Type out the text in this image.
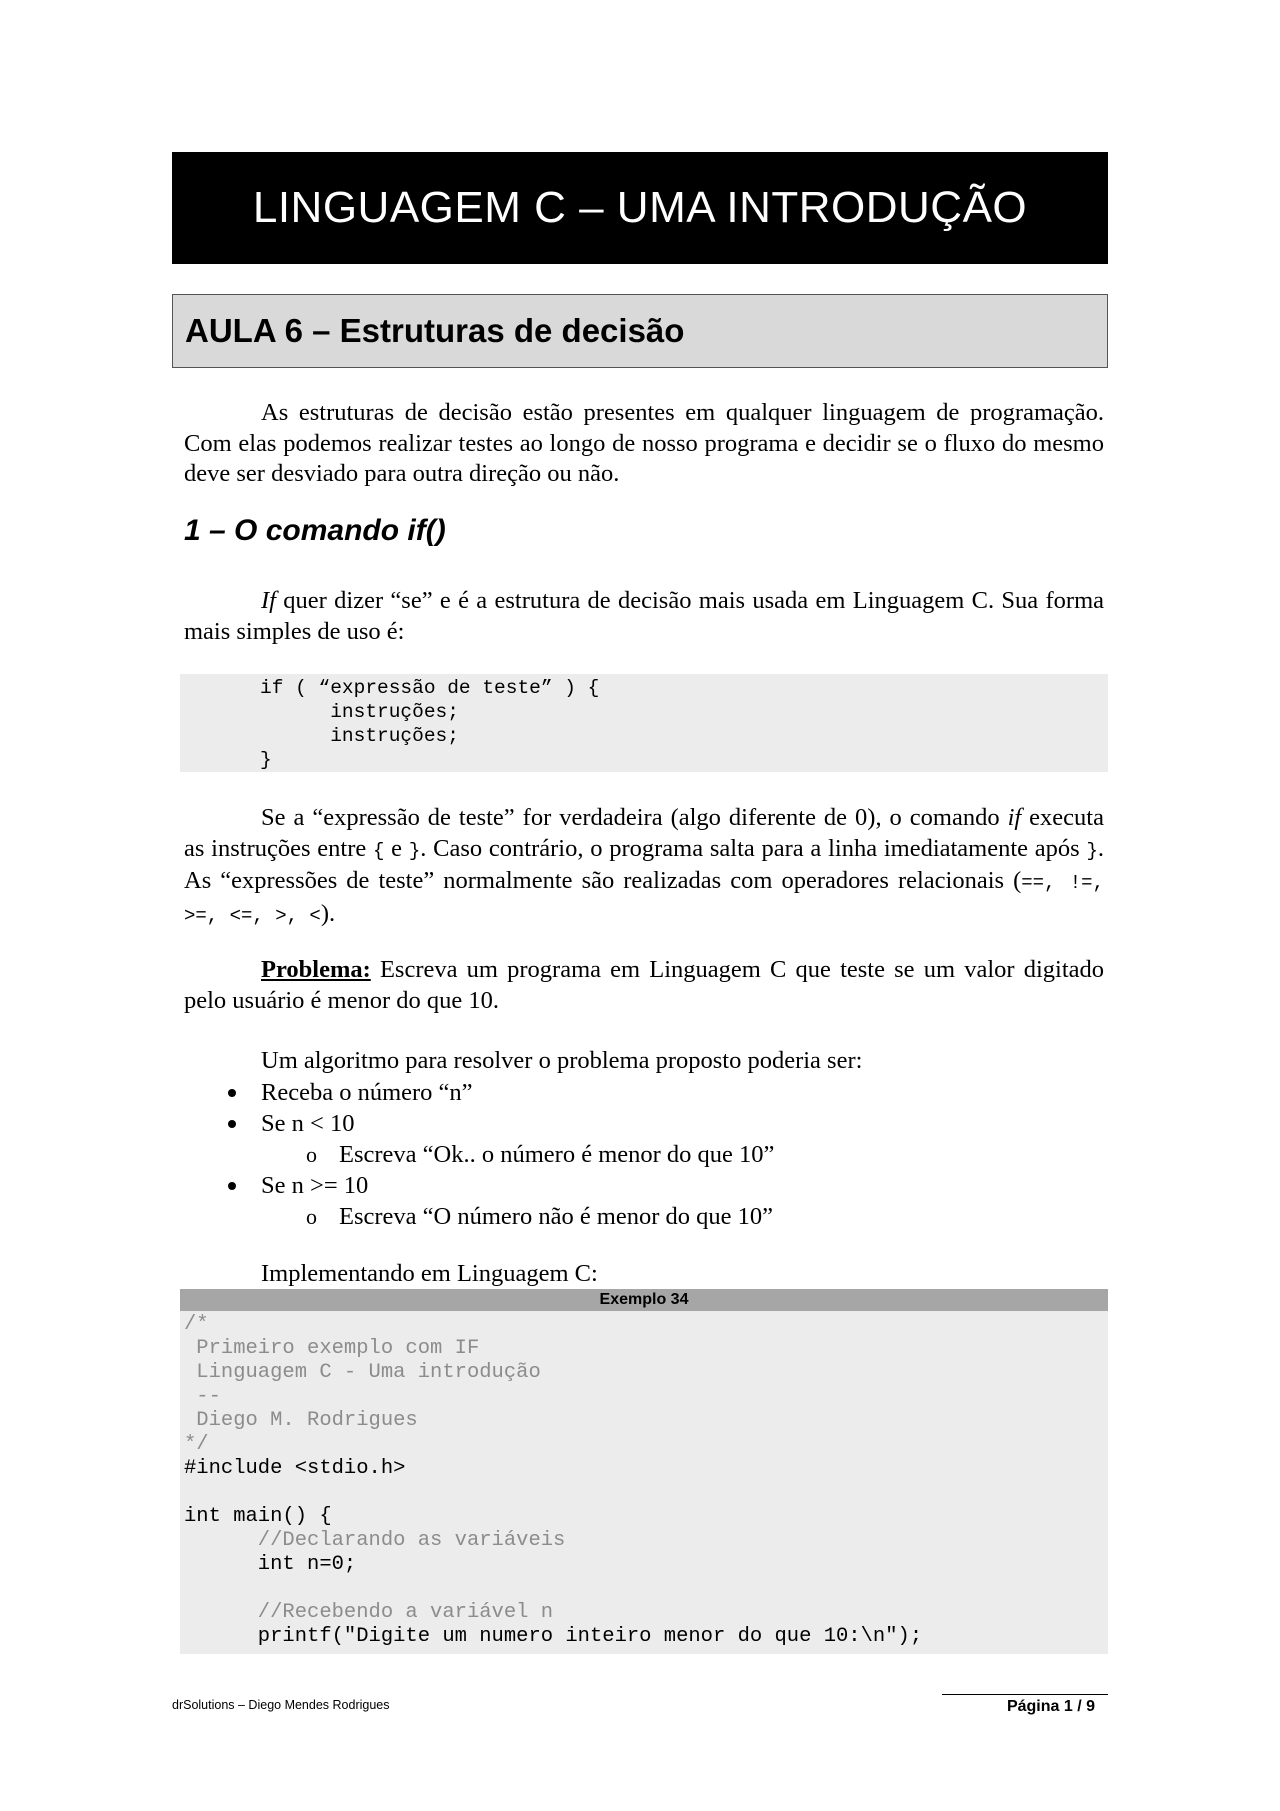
LINGUAGEM C – UMA INTRODUÇÃO
AULA 6 – Estruturas de decisão
As estruturas de decisão estão presentes em qualquer linguagem de programação. Com elas podemos realizar testes ao longo de nosso programa e decidir se o fluxo do mesmo deve ser desviado para outra direção ou não.
1 – O comando if()
If quer dizer “se” e é a estrutura de decisão mais usada em Linguagem C. Sua forma mais simples de uso é:
if ( “expressão de teste” ) {
instruções;
instruções;
}
Se a “expressão de teste” for verdadeira (algo diferente de 0), o comando if executa as instruções entre { e }. Caso contrário, o programa salta para a linha imediatamente após }. As “expressões de teste” normalmente são realizadas com operadores relacionais (==, !=, >=, <=, >, <).
Problema: Escreva um programa em Linguagem C que teste se um valor digitado pelo usuário é menor do que 10.
Um algoritmo para resolver o problema proposto poderia ser:
Receba o número “n”
Se n < 10
o Escreva “Ok.. o número é menor do que 10”
Se n >= 10
o Escreva “O número não é menor do que 10”
Implementando em Linguagem C:
Exemplo 34
/*
Primeiro exemplo com IF
Linguagem C - Uma introdução
--
Diego M. Rodrigues
*/
#include <stdio.h>
int main() {
//Declarando as variáveis
int n=0;
//Recebendo a variável n
printf("Digite um numero inteiro menor do que 10:\n");
drSolutions – Diego Mendes Rodrigues	Página 1 / 9
